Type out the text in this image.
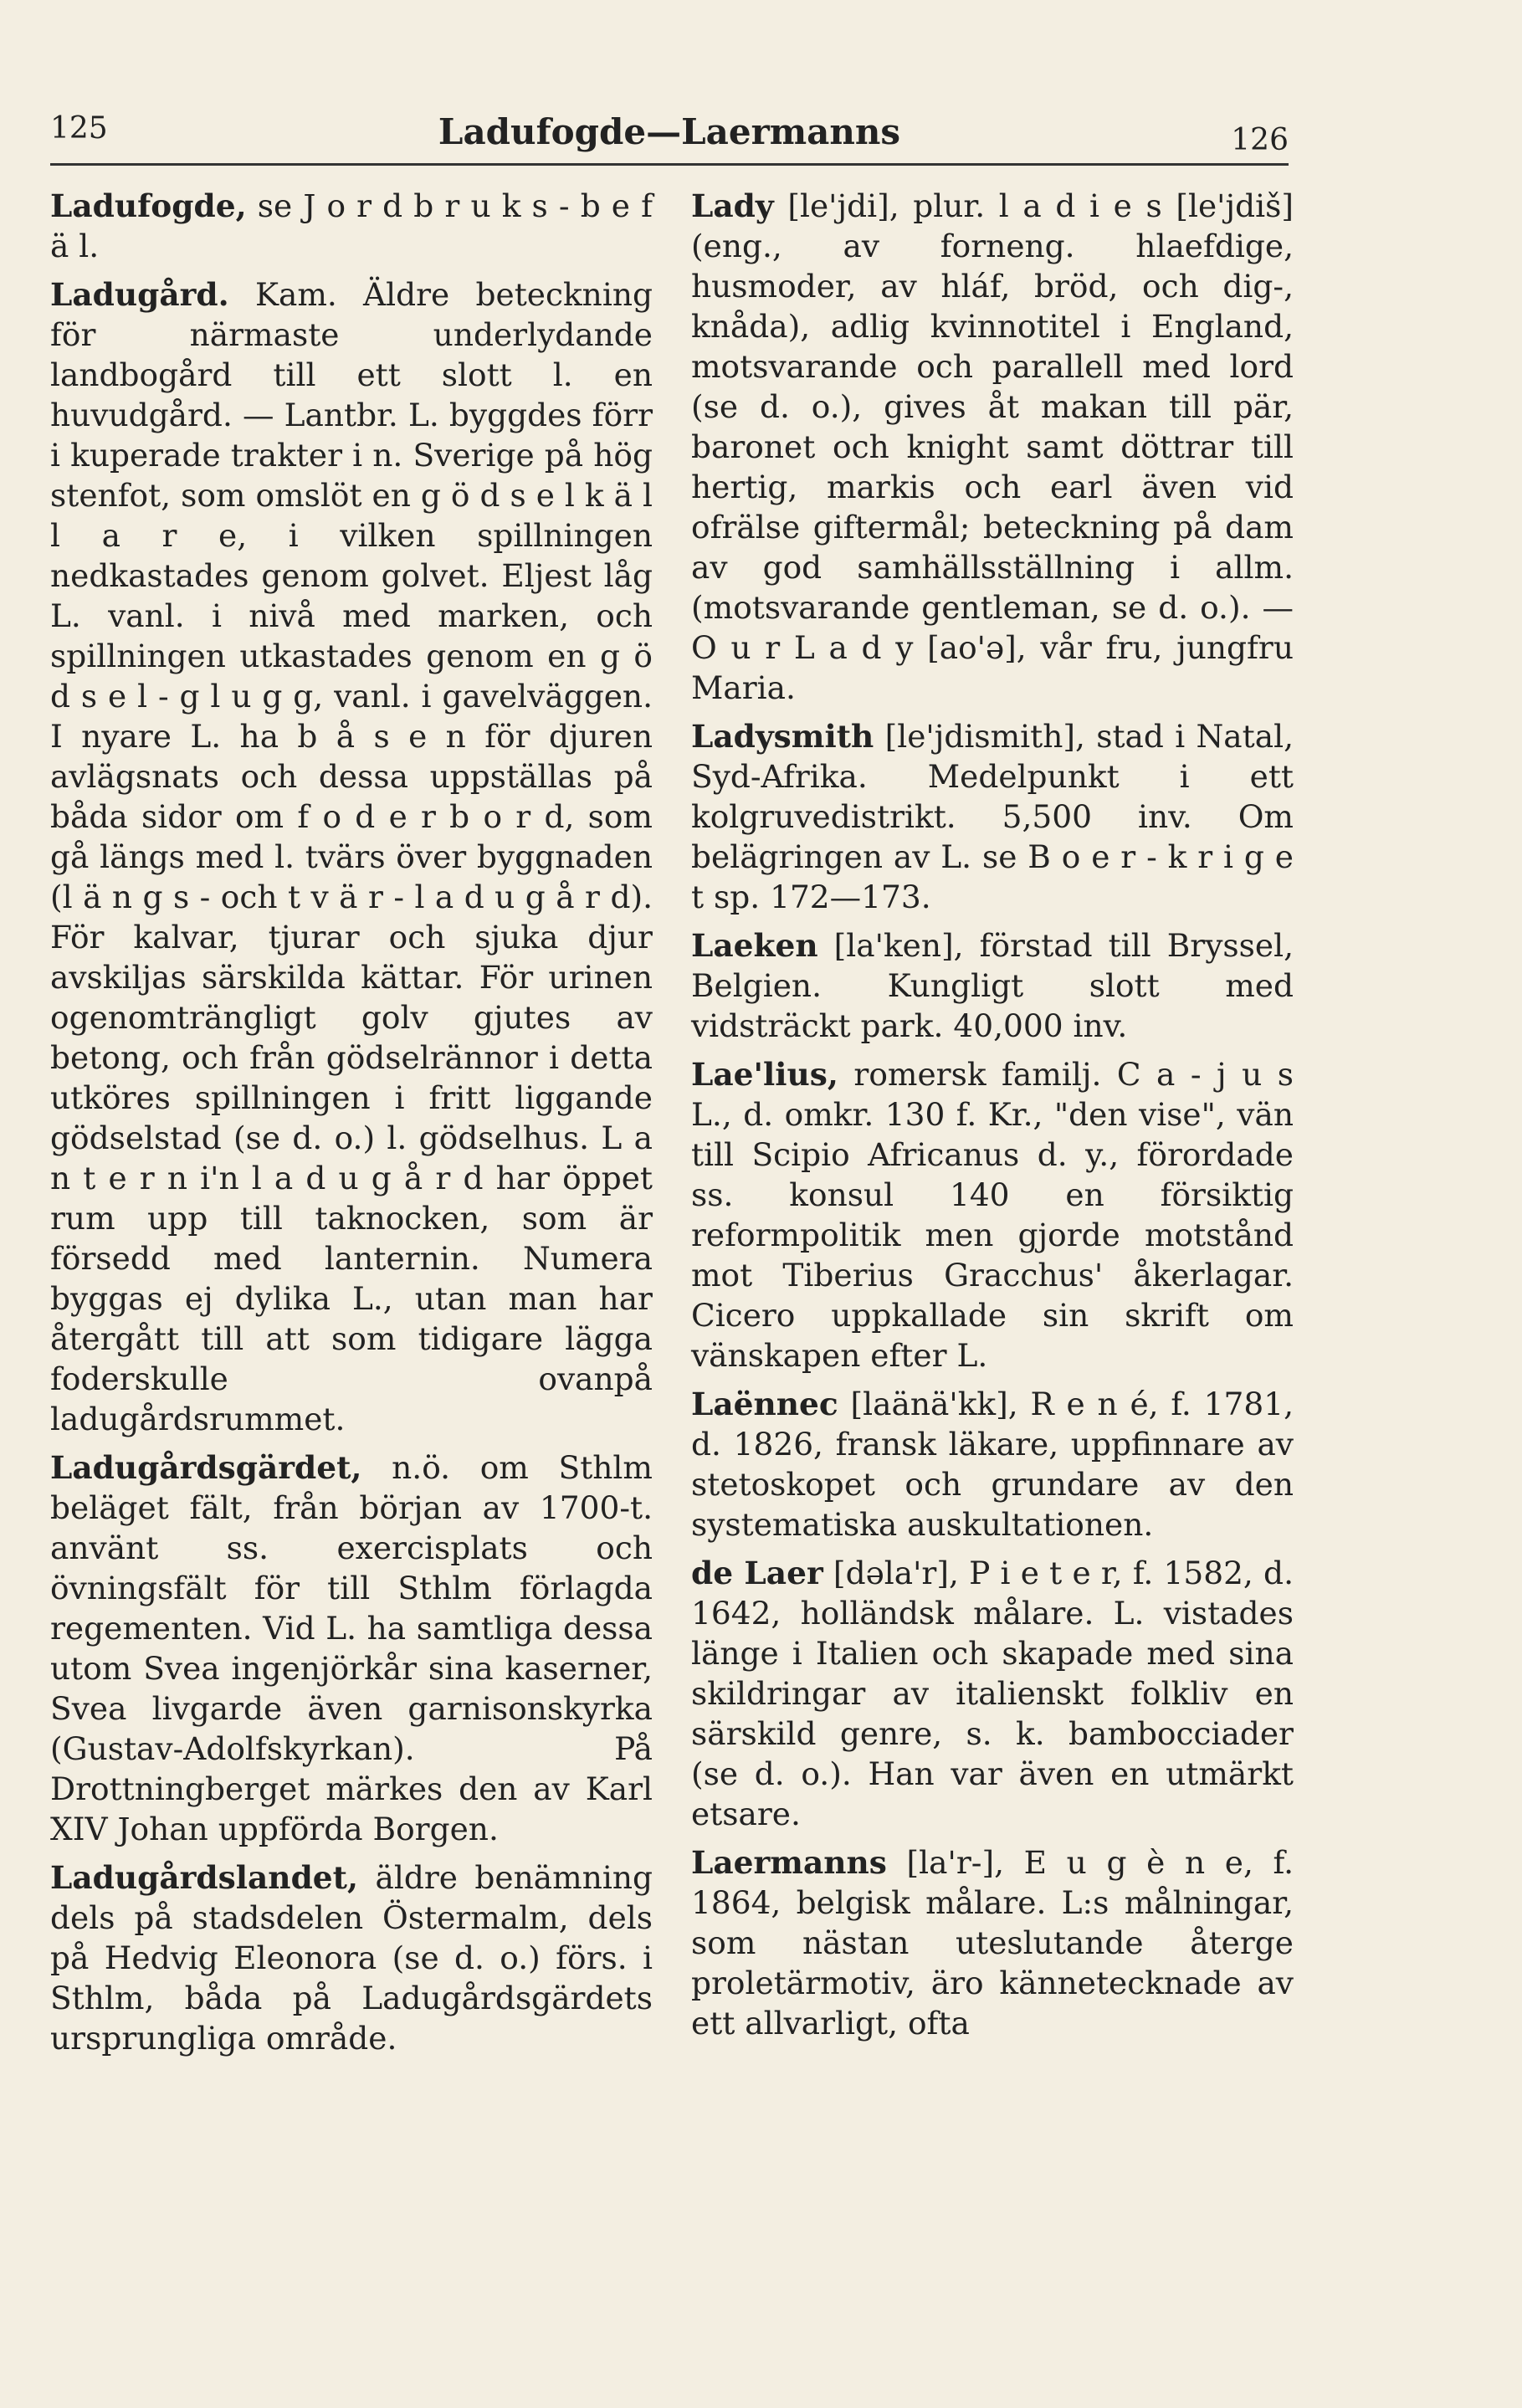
125	Ladufogde—Laermanns	126

Ladufogde, se J o r d b r u k s - b e f ä l.

Ladugård. Kam. Äldre beteckning för närmaste underlydande landbogård till ett slott l. en huvudgård. — Lantbr. L. byggdes förr i kuperade trakter i n. Sverige på hög stenfot, som omslöt en g ö d s e l k ä l l a r e, i vilken spillningen nedkastades genom golvet. Eljest låg L. vanl. i nivå med marken, och spillningen utkastades genom en g ö d s e l - g l u g g, vanl. i gavelväggen. I nyare L. ha b å s e n för djuren avlägsnats och dessa uppställas på båda sidor om f o d e r b o r d, som gå längs med l. tvärs över byggnaden (l ä n g s - och t v ä r - l a d u g å r d). För kalvar, tjurar och sjuka djur avskiljas särskilda kättar. För urinen ogenomträngligt golv gjutes av betong, och från gödselrännor i detta utköres spillningen i fritt liggande gödselstad (se d. o.) l. gödselhus. L a n t e r n i'n l a d u g å r d har öppet rum upp till taknocken, som är försedd med lanternin. Numera byggas ej dylika L., utan man har återgått till att som tidigare lägga foderskulle ovanpå ladugårdsrummet.

Ladugårdsgärdet, n.ö. om Sthlm beläget fält, från början av 1700-t. använt ss. exercisplats och övningsfält för till Sthlm förlagda regementen. Vid L. ha samtliga dessa utom Svea ingenjörkår sina kaserner, Svea livgarde även garnisonskyrka (Gustav-Adolfskyrkan). På Drottningberget märkes den av Karl XIV Johan uppförda Borgen.

Ladugårdslandet, äldre benämning dels på stadsdelen Östermalm, dels på Hedvig Eleonora (se d. o.) förs. i Sthlm, båda på Ladugårdsgärdets ursprungliga område.

Lady [le'jdi], plur. l a d i e s [le'jdiš] (eng., av forneng. hlaefdige, husmoder, av hláf, bröd, och dig-, knåda), adlig kvinnotitel i England, motsvarande och parallell med lord (se d. o.), gives åt makan till pär, baronet och knight samt döttrar till hertig, markis och earl även vid ofrälse giftermål; beteckning på dam av god samhällsställning i allm. (motsvarande gentleman, se d. o.). — O u r L a d y [ao'ə], vår fru, jungfru Maria.

Ladysmith [le'jdismith], stad i Natal, Syd-Afrika. Medelpunkt i ett kolgruvedistrikt. 5,500 inv. Om belägringen av L. se B o e r - k r i g e t sp. 172—173.

Laeken [la'ken], förstad till Bryssel, Belgien. Kungligt slott med vidsträckt park. 40,000 inv.

Lae'lius, romersk familj. C a - j u s L., d. omkr. 130 f. Kr., "den vise", vän till Scipio Africanus d. y., förordade ss. konsul 140 en försiktig reformpolitik men gjorde motstånd mot Tiberius Gracchus' åkerlagar. Cicero uppkallade sin skrift om vänskapen efter L.

Laënnec [laänä'kk], R e n é, f. 1781, d. 1826, fransk läkare, uppfinnare av stetoskopet och grundare av den systematiska auskultationen.

de Laer [dəla'r], P i e t e r, f. 1582, d. 1642, holländsk målare. L. vistades länge i Italien och skapade med sina skildringar av italienskt folkliv en särskild genre, s. k. bambocciader (se d. o.). Han var även en utmärkt etsare.

Laermanns [la'r-], E u g è n e, f. 1864, belgisk målare. L:s målningar, som nästan uteslutande återge proletärmotiv, äro kännetecknade av ett allvarligt, ofta
